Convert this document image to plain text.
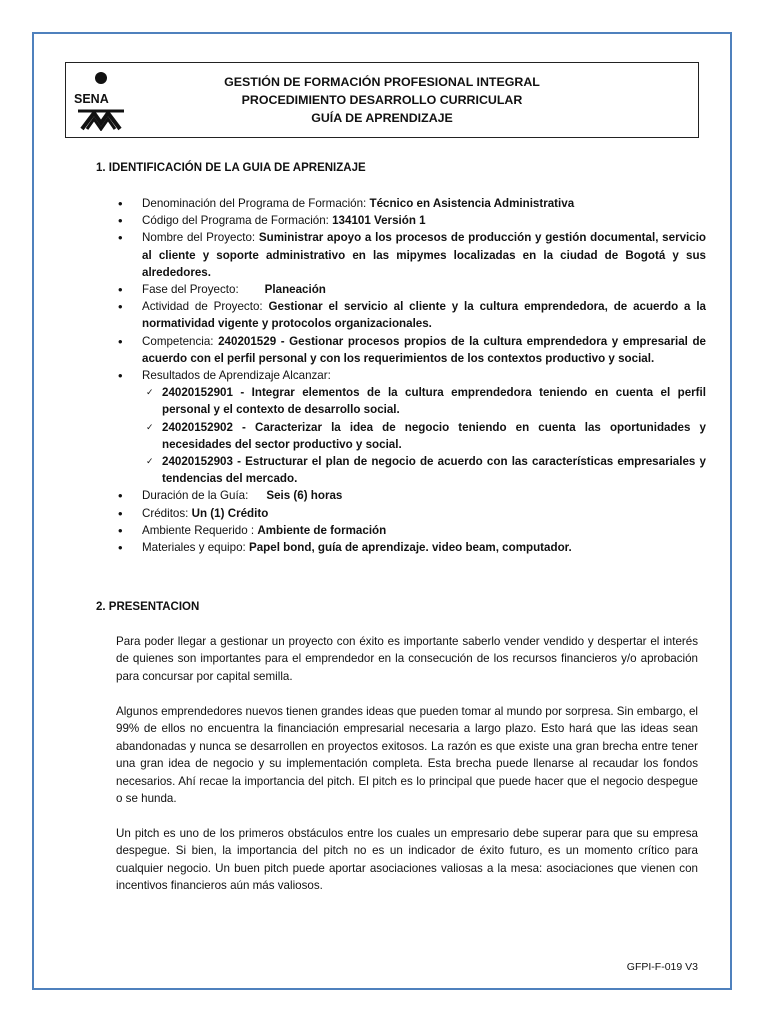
SENA
GESTIÓN DE FORMACIÓN PROFESIONAL INTEGRAL
PROCEDIMIENTO DESARROLLO CURRICULAR
GUÍA DE APRENDIZAJE
1. IDENTIFICACIÓN DE LA GUIA DE APRENIZAJE
• Denominación del Programa de Formación: Técnico en Asistencia Administrativa
• Código del Programa de Formación: 134101 Versión 1
• Nombre del Proyecto: Suministrar apoyo a los procesos de producción y gestión documental, servicio al cliente y soporte administrativo en las mipymes localizadas en la ciudad de Bogotá y sus alrededores.
• Fase del Proyecto: Planeación
• Actividad de Proyecto: Gestionar el servicio al cliente y la cultura emprendedora, de acuerdo a la normatividad vigente y protocolos organizacionales.
• Competencia: 240201529 - Gestionar procesos propios de la cultura emprendedora y empresarial de acuerdo con el perfil personal y con los requerimientos de los contextos productivo y social.
• Resultados de Aprendizaje Alcanzar:
✓ 24020152901 - Integrar elementos de la cultura emprendedora teniendo en cuenta el perfil personal y el contexto de desarrollo social.
✓ 24020152902 - Caracterizar la idea de negocio teniendo en cuenta las oportunidades y necesidades del sector productivo y social.
✓ 24020152903 - Estructurar el plan de negocio de acuerdo con las características empresariales y tendencias del mercado.
• Duración de la Guía: Seis (6) horas
• Créditos: Un (1) Crédito
• Ambiente Requerido : Ambiente de formación
• Materiales y equipo: Papel bond, guía de aprendizaje. video beam, computador.
2. PRESENTACION

Para poder llegar a gestionar un proyecto con éxito es importante saberlo vender vendido y despertar el interés de quienes son importantes para el emprendedor en la consecución de los recursos financieros y/o aprobación para concursar por capital semilla.

Algunos emprendedores nuevos tienen grandes ideas que pueden tomar al mundo por sorpresa. Sin embargo, el 99% de ellos no encuentra la financiación empresarial necesaria a largo plazo. Esto hará que las ideas sean abandonadas y nunca se desarrollen en proyectos exitosos. La razón es que existe una gran brecha entre tener una gran idea de negocio y su implementación completa. Esta brecha puede llenarse al recaudar los fondos necesarios. Ahí recae la importancia del pitch. El pitch es lo principal que puede hacer que el negocio despegue o se hunda.

Un pitch es uno de los primeros obstáculos entre los cuales un empresario debe superar para que su empresa despegue. Si bien, la importancia del pitch no es un indicador de éxito futuro, es un momento crítico para cualquier negocio. Un buen pitch puede aportar asociaciones valiosas a la mesa: asociaciones que vienen con incentivos financieros aún más valiosos.

GFPI-F-019 V3
